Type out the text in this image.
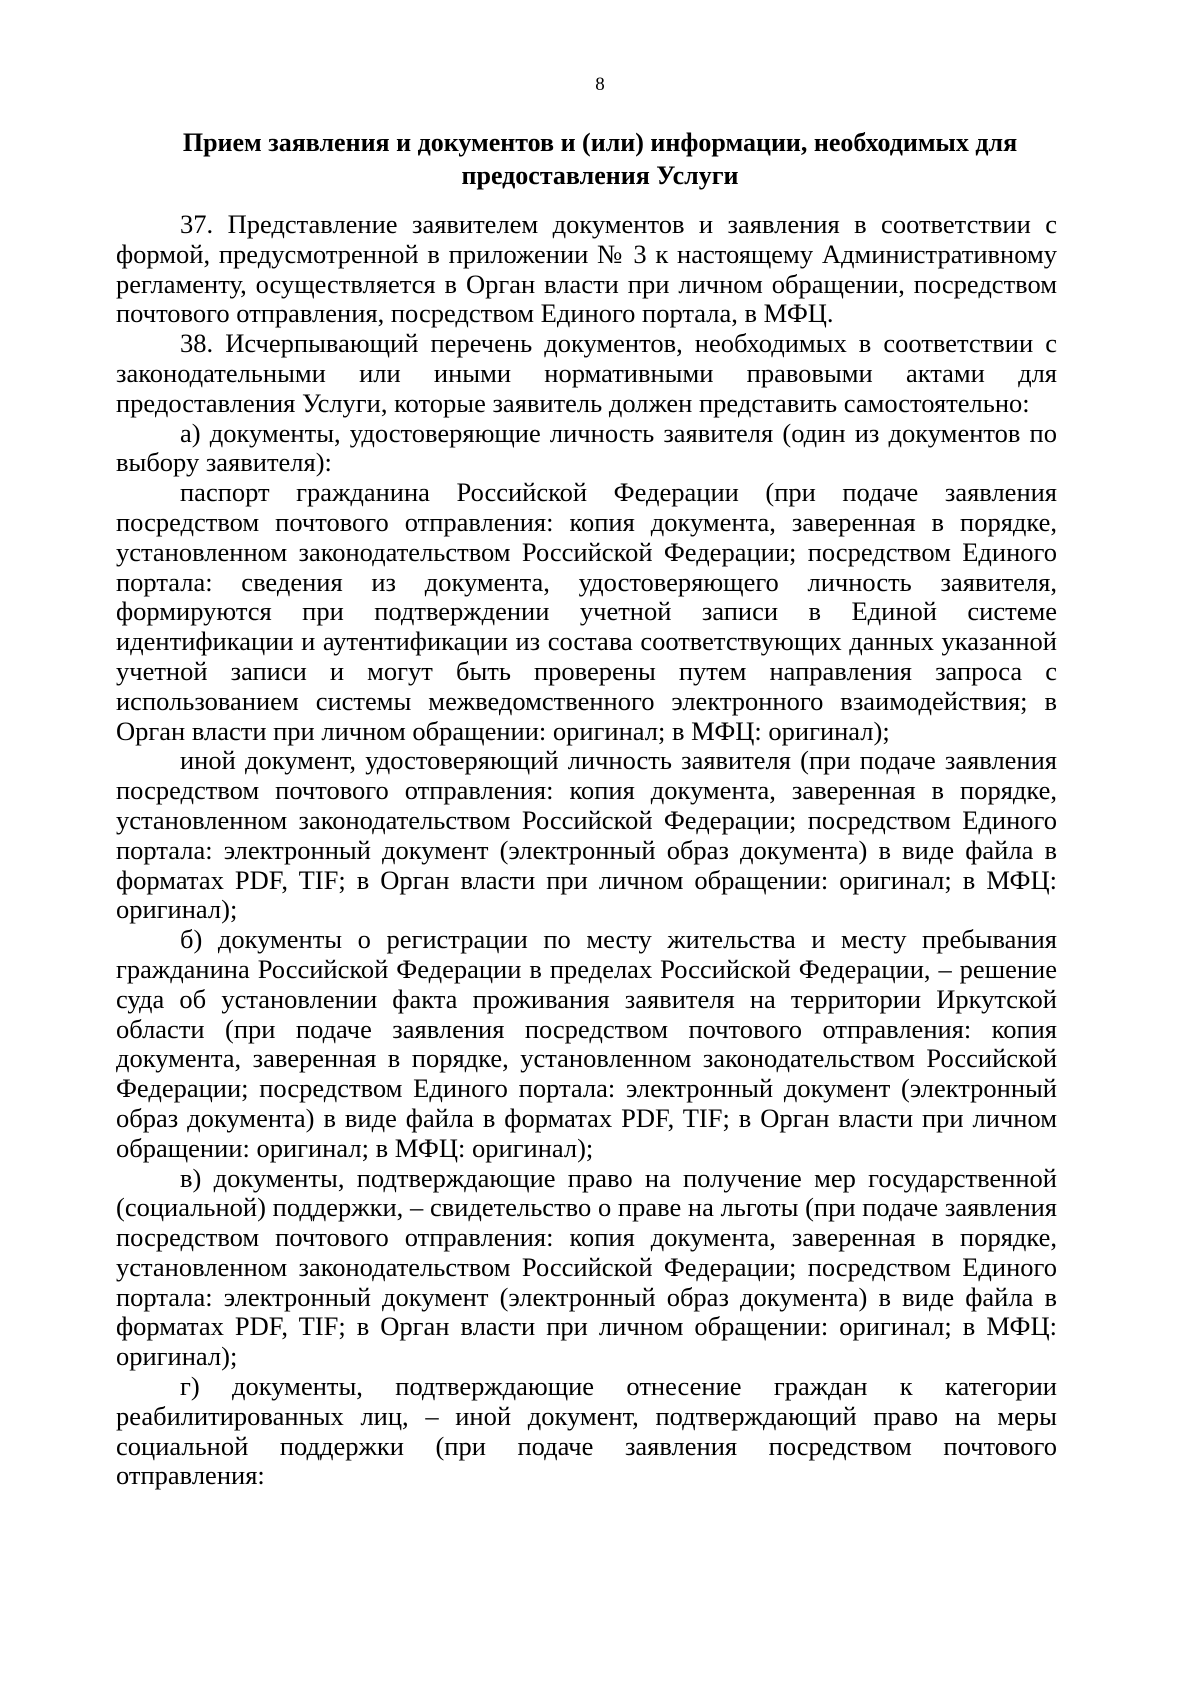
8
Прием заявления и документов и (или) информации, необходимых для
предоставления Услуги

37. Представление заявителем документов и заявления в соответствии с формой, предусмотренной в приложении № 3 к настоящему Административному регламенту, осуществляется в Орган власти при личном обращении, посредством почтового отправления, посредством Единого портала, в МФЦ.

38. Исчерпывающий перечень документов, необходимых в соответствии с законодательными или иными нормативными правовыми актами для предоставления Услуги, которые заявитель должен представить самостоятельно:

а) документы, удостоверяющие личность заявителя (один из документов по выбору заявителя):

паспорт гражданина Российской Федерации (при подаче заявления посредством почтового отправления: копия документа, заверенная в порядке, установленном законодательством Российской Федерации; посредством Единого портала: сведения из документа, удостоверяющего личность заявителя, формируются при подтверждении учетной записи в Единой системе идентификации и аутентификации из состава соответствующих данных указанной учетной записи и могут быть проверены путем направления запроса с использованием системы межведомственного электронного взаимодействия; в Орган власти при личном обращении: оригинал; в МФЦ: оригинал);

иной документ, удостоверяющий личность заявителя (при подаче заявления посредством почтового отправления: копия документа, заверенная в порядке, установленном законодательством Российской Федерации; посредством Единого портала: электронный документ (электронный образ документа) в виде файла в форматах PDF, TIF; в Орган власти при личном обращении: оригинал; в МФЦ: оригинал);

б) документы о регистрации по месту жительства и месту пребывания гражданина Российской Федерации в пределах Российской Федерации, – решение суда об установлении факта проживания заявителя на территории Иркутской области (при подаче заявления посредством почтового отправления: копия документа, заверенная в порядке, установленном законодательством Российской Федерации; посредством Единого портала: электронный документ (электронный образ документа) в виде файла в форматах PDF, TIF; в Орган власти при личном обращении: оригинал; в МФЦ: оригинал);

в) документы, подтверждающие право на получение мер государственной (социальной) поддержки, – свидетельство о праве на льготы (при подаче заявления посредством почтового отправления: копия документа, заверенная в порядке, установленном законодательством Российской Федерации; посредством Единого портала: электронный документ (электронный образ документа) в виде файла в форматах PDF, TIF; в Орган власти при личном обращении: оригинал; в МФЦ: оригинал);

г) документы, подтверждающие отнесение граждан к категории реабилитированных лиц, – иной документ, подтверждающий право на меры социальной поддержки (при подаче заявления посредством почтового отправления:
